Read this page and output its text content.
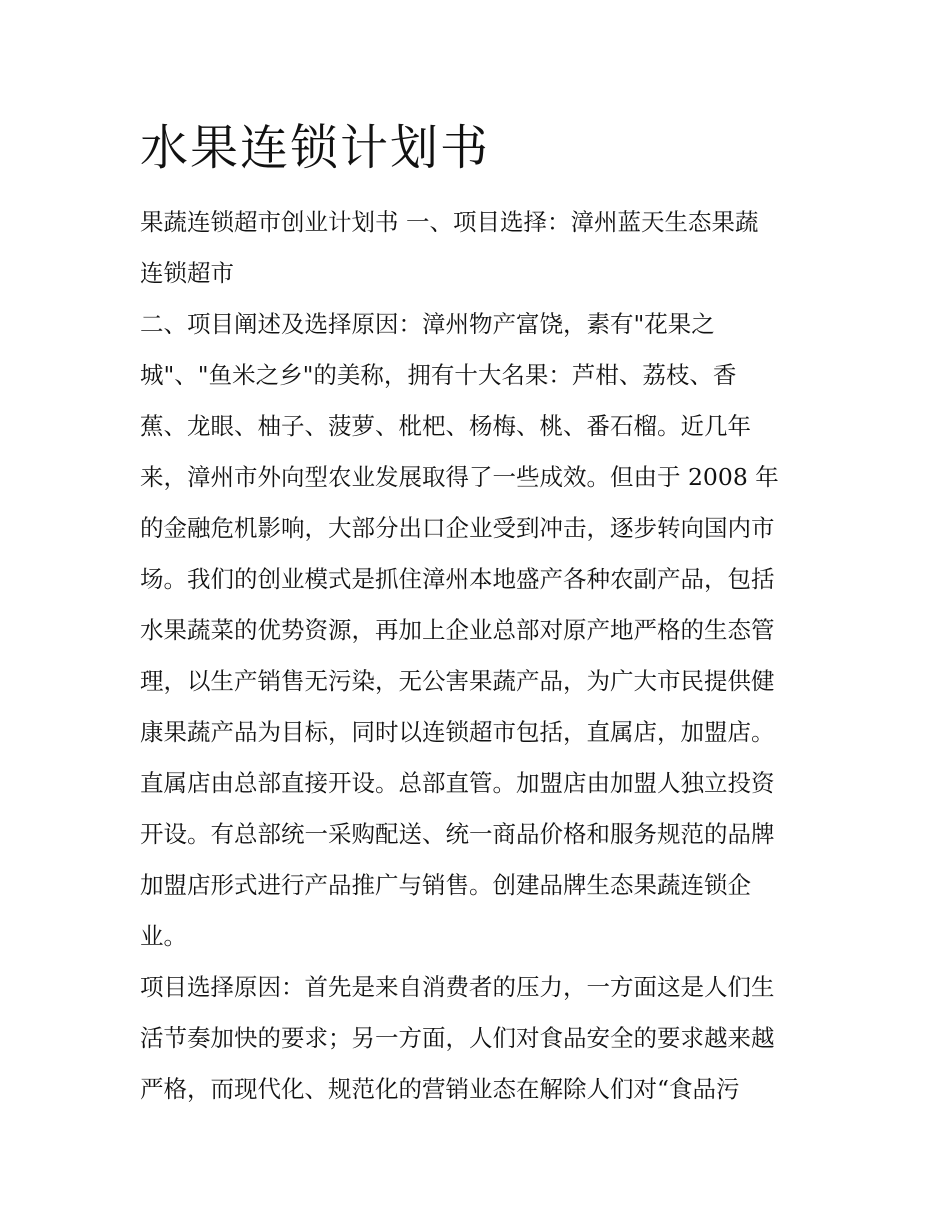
水果连锁计划书
果蔬连锁超市创业计划书 一、项目选择：漳州蓝天生态果蔬
连锁超市
二、项目阐述及选择原因：漳州物产富饶，素有"花果之
城"、"鱼米之乡"的美称，拥有十大名果：芦柑、荔枝、香
蕉、龙眼、柚子、菠萝、枇杷、杨梅、桃、番石榴。近几年
来，漳州市外向型农业发展取得了一些成效。但由于 2008 年
的金融危机影响，大部分出口企业受到冲击，逐步转向国内市
场。我们的创业模式是抓住漳州本地盛产各种农副产品，包括
水果蔬菜的优势资源，再加上企业总部对原产地严格的生态管
理，以生产销售无污染，无公害果蔬产品，为广大市民提供健
康果蔬产品为目标，同时以连锁超市包括，直属店，加盟店。
直属店由总部直接开设。总部直管。加盟店由加盟人独立投资
开设。有总部统一采购配送、统一商品价格和服务规范的品牌
加盟店形式进行产品推广与销售。创建品牌生态果蔬连锁企
业。
项目选择原因：首先是来自消费者的压力，一方面这是人们生
活节奏加快的要求；另一方面，人们对食品安全的要求越来越
严格，而现代化、规范化的营销业态在解除人们对“食品污
